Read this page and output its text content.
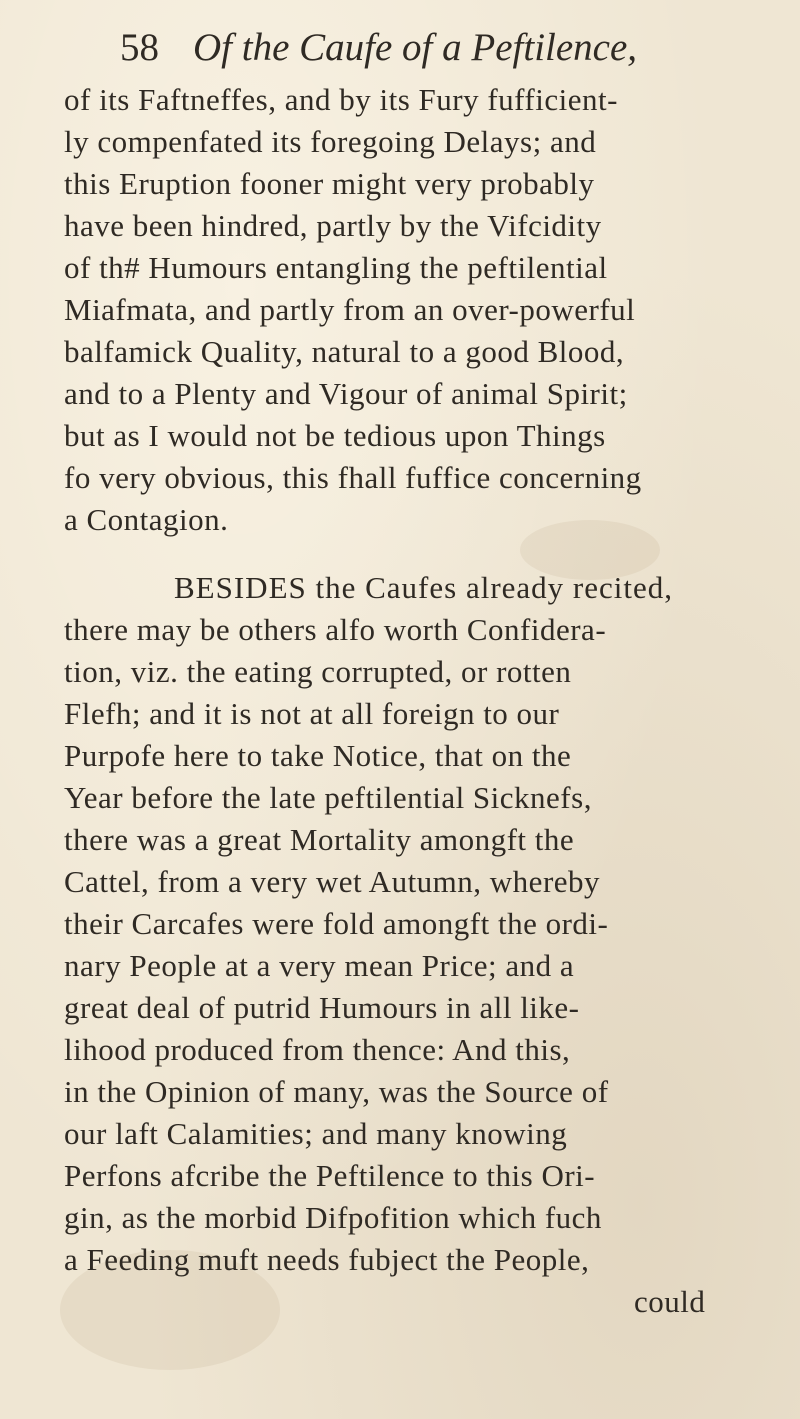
58 Of the Caufe of a Peftilence,
of its Faftneffes, and by its Fury fufficient-
ly compenfated its foregoing Delays; and
this Eruption fooner might very probably
have been hindred, partly by the Vifcidity
of th# Humours entangling the peftilential
Miafmata, and partly from an over-powerful
balfamick Quality, natural to a good Blood,
and to a Plenty and Vigour of animal Spirit;
but as I would not be tedious upon Things
fo very obvious, this fhall fuffice concerning
a Contagion.
BESIDES the Caufes already recited,
there may be others alfo worth Confidera-
tion, viz. the eating corrupted, or rotten
Flefh; and it is not at all foreign to our
Purpofe here to take Notice, that on the
Year before the late peftilential Sicknefs,
there was a great Mortality amongft the
Cattel, from a very wet Autumn, whereby
their Carcafes were fold amongft the ordi-
nary People at a very mean Price; and a
great deal of putrid Humours in all like-
lihood produced from thence: And this,
in the Opinion of many, was the Source of
our laft Calamities; and many knowing
Perfons afcribe the Peftilence to this Ori-
gin, as the morbid Difpofition which fuch
a Feeding muft needs fubject the People,
could
